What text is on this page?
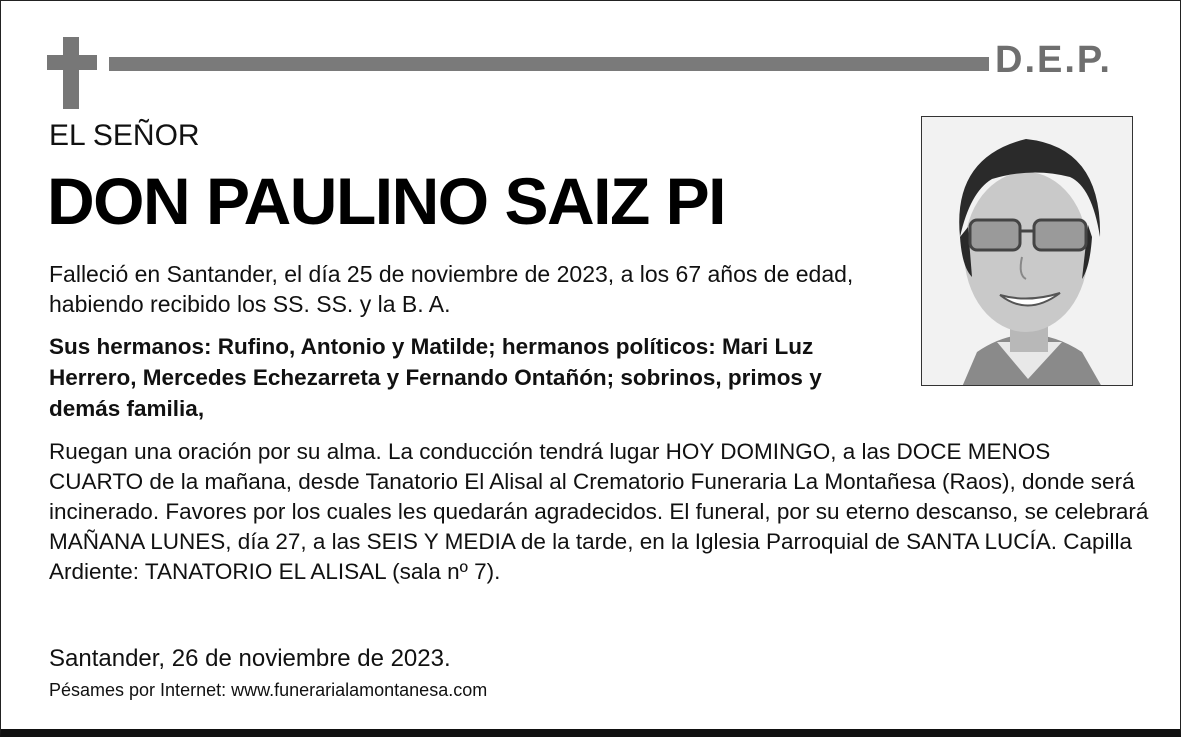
D.E.P.
EL SEÑOR
DON PAULINO SAIZ PI
Falleció en Santander, el día 25 de noviembre de 2023, a los 67 años de edad, habiendo recibido los SS. SS. y la B. A.
Sus hermanos: Rufino, Antonio y Matilde; hermanos políticos: Mari Luz Herrero, Mercedes Echezarreta y Fernando Ontañón; sobrinos, primos y demás familia,
Ruegan una oración por su alma. La conducción tendrá lugar HOY DOMINGO, a las DOCE MENOS CUARTO de la mañana, desde Tanatorio El Alisal al Crematorio Funeraria La Montañesa (Raos), donde será incinerado. Favores por los cuales les quedarán agradecidos. El funeral, por su eterno descanso, se celebrará MAÑANA LUNES, día 27, a las SEIS Y MEDIA de la tarde, en la Iglesia Parroquial de SANTA LUCÍA. Capilla Ardiente: TANATORIO EL ALISAL (sala nº 7).
Santander, 26 de noviembre de 2023.
Pésames por Internet: www.funerarialamontanesa.com
